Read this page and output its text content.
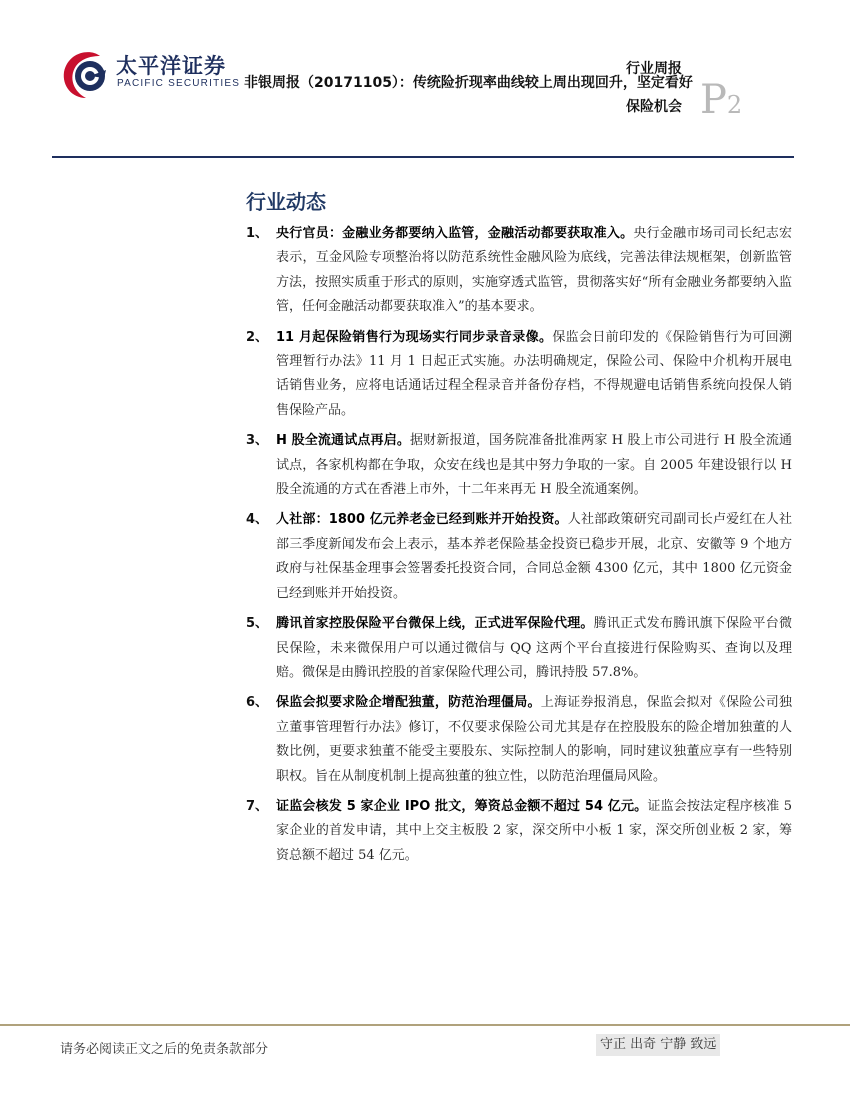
太平洋证券
PACIFIC SECURITIES 非银周报（20171105）：传统险折现率曲线较上周出现回升，坚定看好
行业周报
保险机会 P2
行业动态
1、 央行官员：金融业务都要纳入监管，金融活动都要获取准入。央行金融市场司司长纪志宏表示，互金风险专项整治将以防范系统性金融风险为底线，完善法律法规框架，创新监管方法，按照实质重于形式的原则，实施穿透式监管，贯彻落实好“所有金融业务都要纳入监管，任何金融活动都要获取准入”的基本要求。
2、 11 月起保险销售行为现场实行同步录音录像。保监会日前印发的《保险销售行为可回溯管理暂行办法》11 月 1 日起正式实施。办法明确规定，保险公司、保险中介机构开展电话销售业务，应将电话通话过程全程录音并备份存档，不得规避电话销售系统向投保人销售保险产品。
3、 H 股全流通试点再启。据财新报道，国务院准备批准两家 H 股上市公司进行 H 股全流通试点，各家机构都在争取，众安在线也是其中努力争取的一家。自 2005 年建设银行以 H 股全流通的方式在香港上市外，十二年来再无 H 股全流通案例。
4、 人社部：1800 亿元养老金已经到账并开始投资。人社部政策研究司副司长卢爱红在人社部三季度新闻发布会上表示，基本养老保险基金投资已稳步开展，北京、安徽等 9 个地方政府与社保基金理事会签署委托投资合同，合同总金额 4300 亿元，其中 1800 亿元资金已经到账并开始投资。
5、 腾讯首家控股保险平台微保上线，正式进军保险代理。腾讯正式发布腾讯旗下保险平台微民保险，未来微保用户可以通过微信与 QQ 这两个平台直接进行保险购买、查询以及理赔。微保是由腾讯控股的首家保险代理公司，腾讯持股 57.8%。
6、 保监会拟要求险企增配独董，防范治理僵局。上海证券报消息，保监会拟对《保险公司独立董事管理暂行办法》修订，不仅要求保险公司尤其是存在控股股东的险企增加独董的人数比例，更要求独董不能受主要股东、实际控制人的影响，同时建议独董应享有一些特别职权。旨在从制度机制上提高独董的独立性，以防范治理僵局风险。
7、 证监会核发 5 家企业 IPO 批文，筹资总金额不超过 54 亿元。证监会按法定程序核准 5 家企业的首发申请，其中上交主板股 2 家，深交所中小板 1 家，深交所创业板 2 家，筹资总额不超过 54 亿元。
请务必阅读正文之后的免责条款部分	守正 出奇 宁静 致远
